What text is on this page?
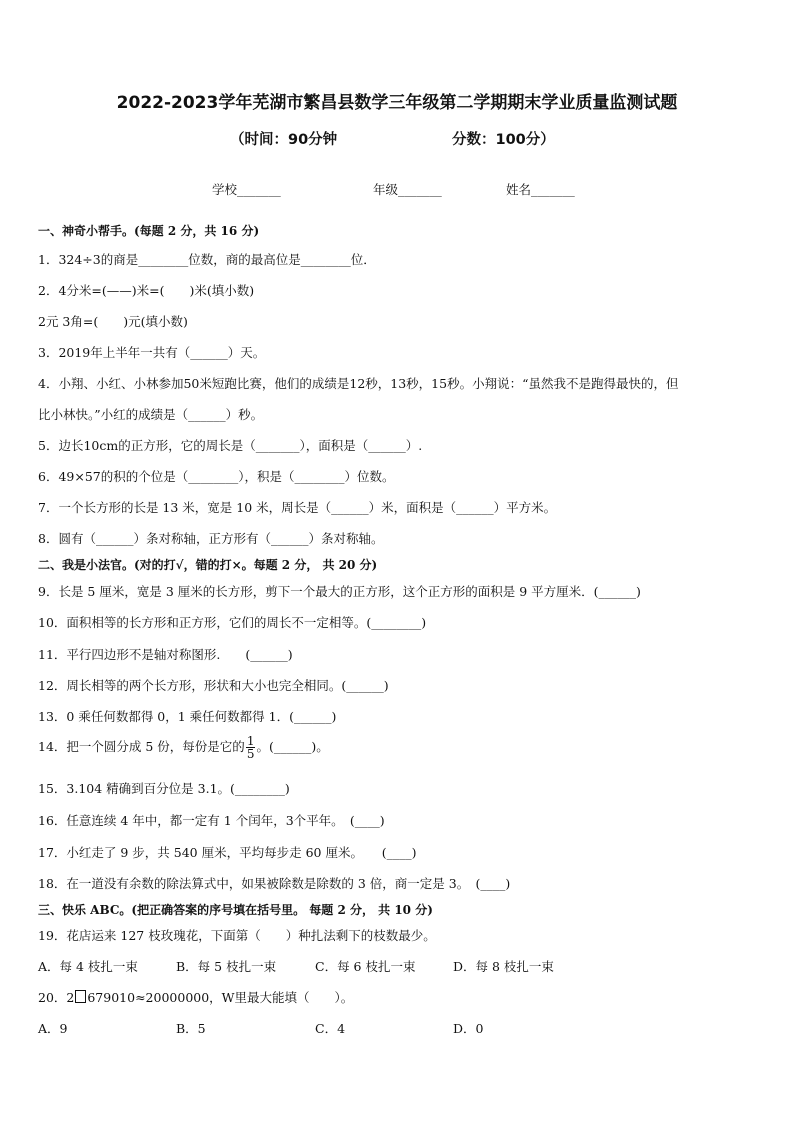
2022-2023学年芜湖市繁昌县数学三年级第二学期期末学业质量监测试题
（时间：90分钟	分数：100分）
学校_______	年级_______	姓名_______
一、神奇小帮手。(每题 2 分，共 16 分)
1．324÷3的商是________位数，商的最高位是________位．
2．4分米=(——)米=(　　)米(填小数)
2元 3角=(　　)元(填小数)
3．2019年上半年一共有（______）天。
4．小翔、小红、小林参加50米短跑比赛，他们的成绩是12秒，13秒，15秒。小翔说：“虽然我不是跑得最快的，但
比小林快。”小红的成绩是（______）秒。
5．边长10cm的正方形，它的周长是（_______），面积是（______）.
6．49×57的积的个位是（________），积是（________）位数。
7．一个长方形的长是 13 米，宽是 10 米，周长是（______）米，面积是（______）平方米。
8．圆有（______）条对称轴，正方形有（______）条对称轴。
二、我是小法官。(对的打√，错的打×。每题 2 分， 共 20 分)
9．长是 5 厘米，宽是 3 厘米的长方形，剪下一个最大的正方形，这个正方形的面积是 9 平方厘米．(______)
10．面积相等的长方形和正方形，它们的周长不一定相等。(________)
11．平行四边形不是轴对称图形.　　(______)
12．周长相等的两个长方形，形状和大小也完全相同。(______)
13．0 乘任何数都得 0，1 乘任何数都得 1．(______)
14．把一个圆分成 5 份，每份是它的 $\frac{1}{5}$ 。(______)。
15．3.104 精确到百分位是 3.1。(________)
16．任意连续 4 年中，都一定有 1 个闰年，3个平年。　(____)
17．小红走了 9 步，共 540 厘米，平均每步走 60 厘米。　　(____)
18．在一道没有余数的除法算式中，如果被除数是除数的 3 倍，商一定是 3。　(____)
三、快乐 ABC。(把正确答案的序号填在括号里。 每题 2 分， 共 10 分)
19．花店运来 127 枝玫瑰花，下面第（　　）种扎法剩下的枝数最少。
A．每 4 枝扎一束	B．每 5 枝扎一束	C．每 6 枝扎一束	D．每 8 枝扎一束
20．2 679010≈20000000，W里最大能填（　　）。
A．9	B．5	C．4	D．0
